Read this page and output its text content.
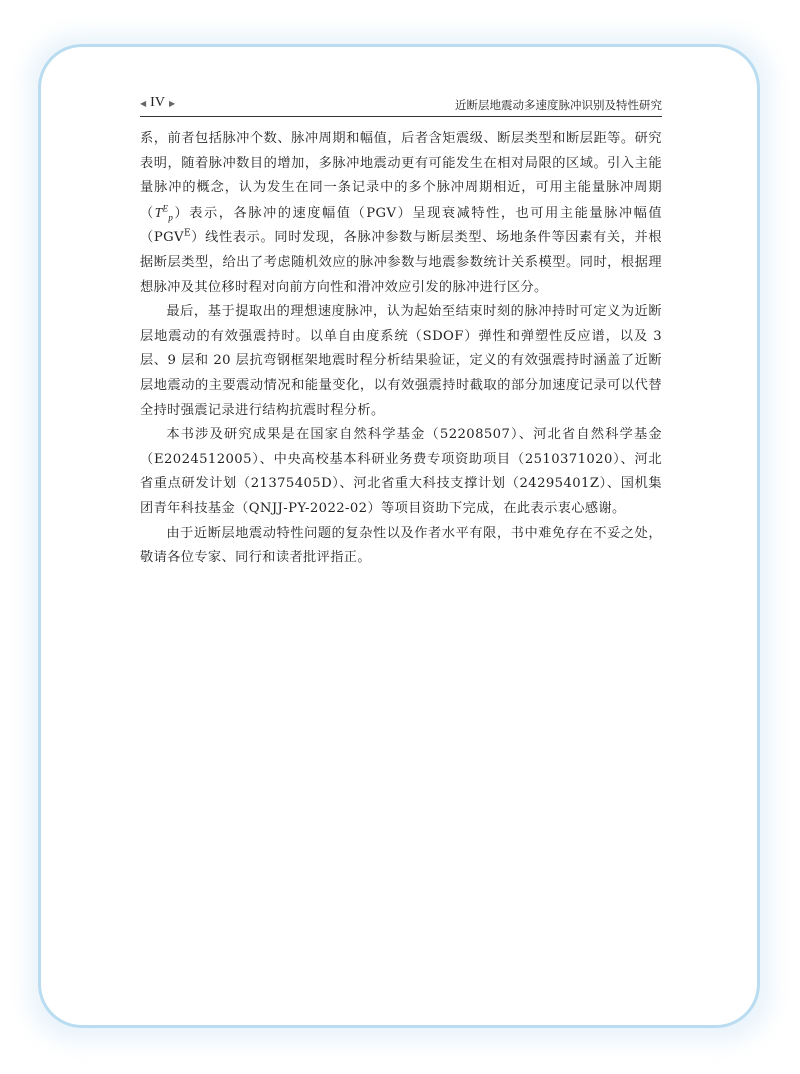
◀ IV ▶	近断层地震动多速度脉冲识别及特性研究

系，前者包括脉冲个数、脉冲周期和幅值，后者含矩震级、断层类型和断层距等。研究表明，随着脉冲数目的增加，多脉冲地震动更有可能发生在相对局限的区域。引入主能量脉冲的概念，认为发生在同一条记录中的多个脉冲周期相近，可用主能量脉冲周期$(T^E_p)$表示，各脉冲的速度幅值（PGV）呈现衰减特性，也可用主能量脉冲幅值$(PGV^E)$线性表示。同时发现，各脉冲参数与断层类型、场地条件等因素有关，并根据断层类型，给出了考虑随机效应的脉冲参数与地震参数统计关系模型。同时，根据理想脉冲及其位移时程对向前方向性和滑冲效应引发的脉冲进行区分。

最后，基于提取出的理想速度脉冲，认为起始至结束时刻的脉冲持时可定义为近断层地震动的有效强震持时。以单自由度系统（SDOF）弹性和弹塑性反应谱，以及 3 层、9 层和 20 层抗弯钢框架地震时程分析结果验证，定义的有效强震持时涵盖了近断层地震动的主要震动情况和能量变化，以有效强震持时截取的部分加速度记录可以代替全持时强震记录进行结构抗震时程分析。

本书涉及研究成果是在国家自然科学基金（52208507）、河北省自然科学基金（E2024512005）、中央高校基本科研业务费专项资助项目（2510371020）、河北省重点研发计划（21375405D）、河北省重大科技支撑计划（24295401Z）、国机集团青年科技基金（QNJJ-PY-2022-02）等项目资助下完成，在此表示衷心感谢。

由于近断层地震动特性问题的复杂性以及作者水平有限，书中难免存在不妥之处，敬请各位专家、同行和读者批评指正。
